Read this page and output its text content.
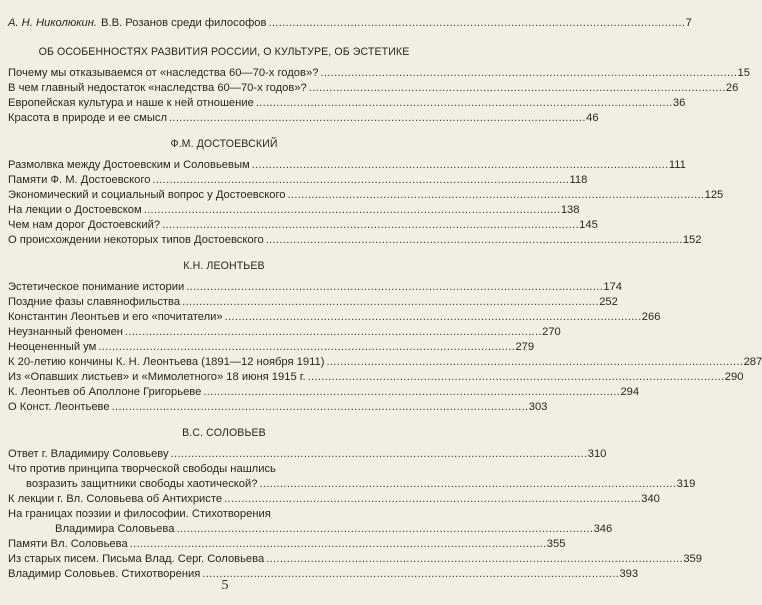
А. Н. Николюкин. В.В. Розанов среди философов . . .	7
ОБ ОСОБЕННОСТЯХ РАЗВИТИЯ РОССИИ, О КУЛЬТУРЕ, ОБ ЭСТЕТИКЕ
Почему мы отказываемся от «наследства 60—70-х годов»? . . .	15
В чем главный недостаток «наследства 60—70-х годов»? . . .	26
Европейская культура и наше к ней отношение . . .	36
Красота в природе и ее смысл . . .	46
Ф.М. ДОСТОЕВСКИЙ
Размолвка между Достоевским и Соловьевым . . .	111
Памяти Ф. М. Достоевского . . .	118
Экономический и социальный вопрос у Достоевского . . .	125
На лекции о Достоевском . . .	138
Чем нам дорог Достоевский? . . .	145
О происхождении некоторых типов Достоевского . . .	152
К.Н. ЛЕОНТЬЕВ
Эстетическое понимание истории . . .	174
Поздние фазы славянофильства . . .	252
Константин Леонтьев и его «почитатели» . . .	266
Неузнанный феномен . . .	270
Неоцененный ум . . .	279
К 20-летию кончины К. Н. Леонтьева (1891—12 ноября 1911) . . .	287
Из «Опавших листьев» и «Мимолетного» 18 июня 1915 г. . . .	290
К. Леонтьев об Аполлоне Григорьеве . . .	294
О Конст. Леонтьеве . . .	303
В.С. СОЛОВЬЕВ
Ответ г. Владимиру Соловьеву . . .	310
Что против принципа творческой свободы нашлись
возразить защитники свободы хаотической? . . .	319
К лекции г. Вл. Соловьева об Антихристе . . .	340
На границах поэзии и философии. Стихотворения
Владимира Соловьева . . .	346
Памяти Вл. Соловьева . . .	355
Из старых писем. Письма Влад. Серг. Соловьева . . .	359
Владимир Соловьев. Стихотворения . . .	393
5
